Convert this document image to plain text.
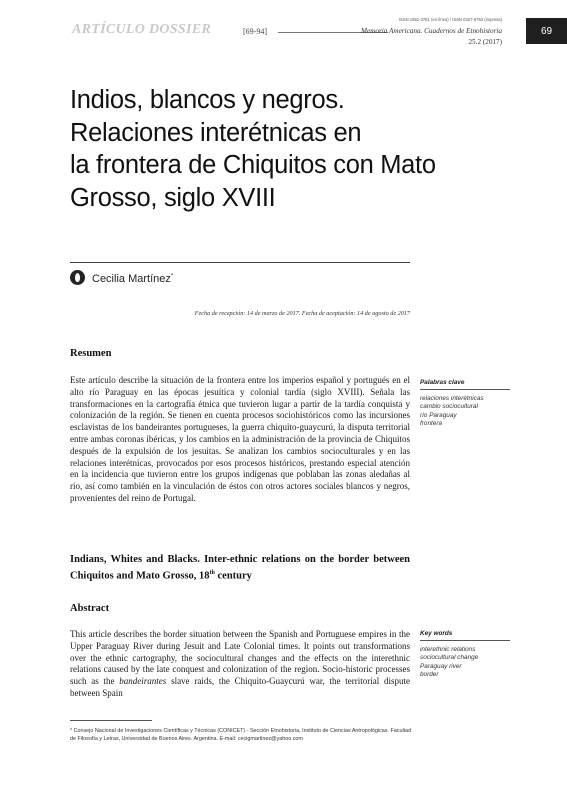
ARTÍCULO DOSSIER	[69-94]
ISSN 1851-3751 (en línea) / ISSN 0327-5752 (impresa)
Memoria Americana. Cuadernos de Etnohistoria
25.2 (2017)
69
Indios, blancos y negros.
Relaciones interétnicas en
la frontera de Chiquitos con Mato
Grosso, siglo XVIII
Cecilia Martínez*
Fecha de recepción: 14 de marzo de 2017. Fecha de aceptación: 14 de agosto de 2017
Resumen
Este artículo describe la situación de la frontera entre los imperios español y portugués en el alto río Paraguay en las épocas jesuítica y colonial tardía (siglo XVIII). Señala las transformaciones en la cartografía étnica que tuvieron lugar a partir de la tardía conquista y colonización de la región. Se tienen en cuenta procesos sociohistóricos como las incursiones esclavistas de los bandeirantes portugueses, la guerra chiquito-guaycurú, la disputa territorial entre ambas coronas ibéricas, y los cambios en la administración de la provincia de Chiquitos después de la expulsión de los jesuitas. Se analizan los cambios socioculturales y en las relaciones interétnicas, provocados por esos procesos históricos, prestando especial atención en la incidencia que tuvieron entre los grupos indígenas que poblaban las zonas aledañas al río, así como también en la vinculación de éstos con otros actores sociales blancos y negros, provenientes del reino de Portugal.
Palabras clave
relaciones interétnicas
cambio sociocultural
río Paraguay
frontera
Indians, Whites and Blacks. Inter-ethnic relations on the border between Chiquitos and Mato Grosso, 18th century
Abstract
This article describes the border situation between the Spanish and Portuguese empires in the Upper Paraguay River during Jesuit and Late Colonial times. It points out transformations over the ethnic cartography, the sociocultural changes and the effects on the interethnic relations caused by the late conquest and colonization of the region. Socio-historic processes such as the bandeirantes slave raids, the Chiquito-Guaycurú war, the territorial dispute between Spain
Key words
interethnic relations
sociocultural change
Paraguay river
border
* Consejo Nacional de Investigaciones Científicas y Técnicas (CONICET) - Sección Etnohistoria, Instituto de Ciencias Antropológicas. Facultad de Filosofía y Letras, Universidad de Buenos Aires. Argentina. E-mail: cecigmartinez@yahoo.com
